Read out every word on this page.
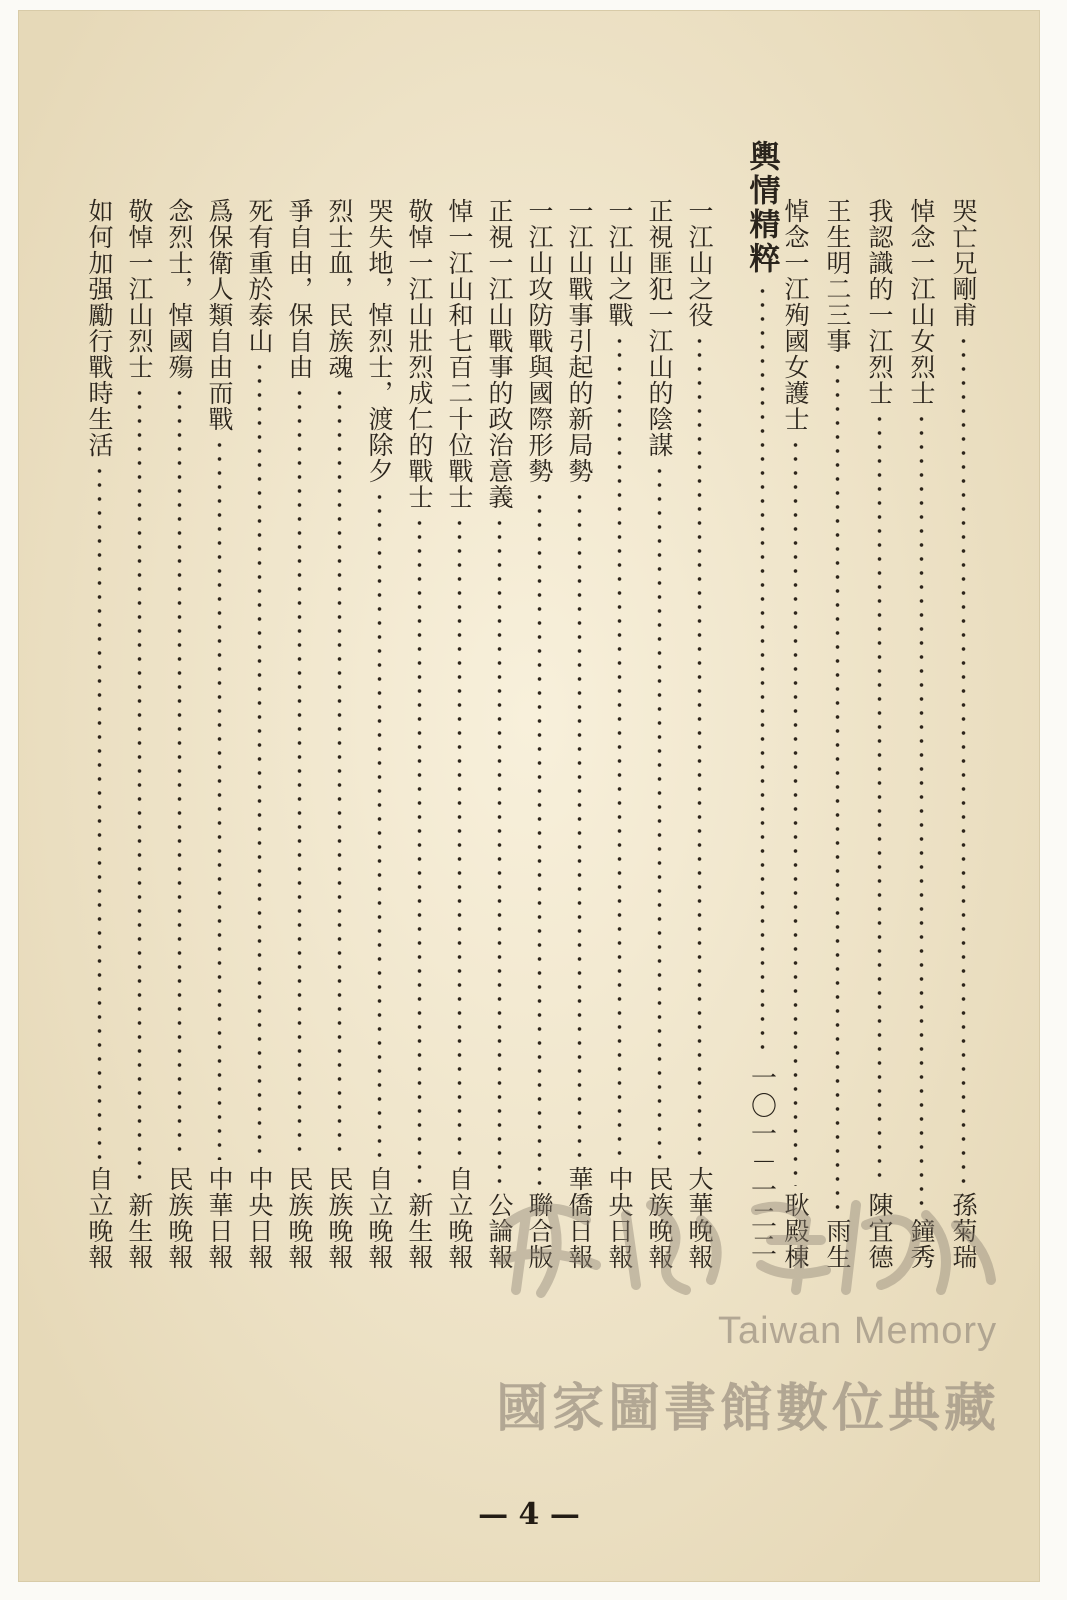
哭亡兄剛甫
孫菊瑞
悼念一江山女烈士
鐘秀
我認識的一江烈士
陳宜德
王生明二三事
雨生
悼念一江殉國女護士
耿殿棟
輿情精粹
一〇一－一二二
一江山之役
大華晚報
正視匪犯一江山的陰謀
民族晚報
一江山之戰
中央日報
一江山戰事引起的新局勢
華僑日報
一江山攻防戰與國際形勢
聯合版
正視一江山戰事的政治意義
公論報
悼一江山和七百二十位戰士
自立晚報
敬悼一江山壯烈成仁的戰士
新生報
哭失地，悼烈士，渡除夕
自立晚報
烈士血，民族魂
民族晚報
爭自由，保自由
民族晚報
死有重於泰山
中央日報
爲保衛人類自由而戰
中華日報
念烈士，悼國殤
民族晚報
敬悼一江山烈士
新生報
如何加强勵行戰時生活
自立晚報
Taiwan Memory
國家圖書館數位典藏
— 4 —
